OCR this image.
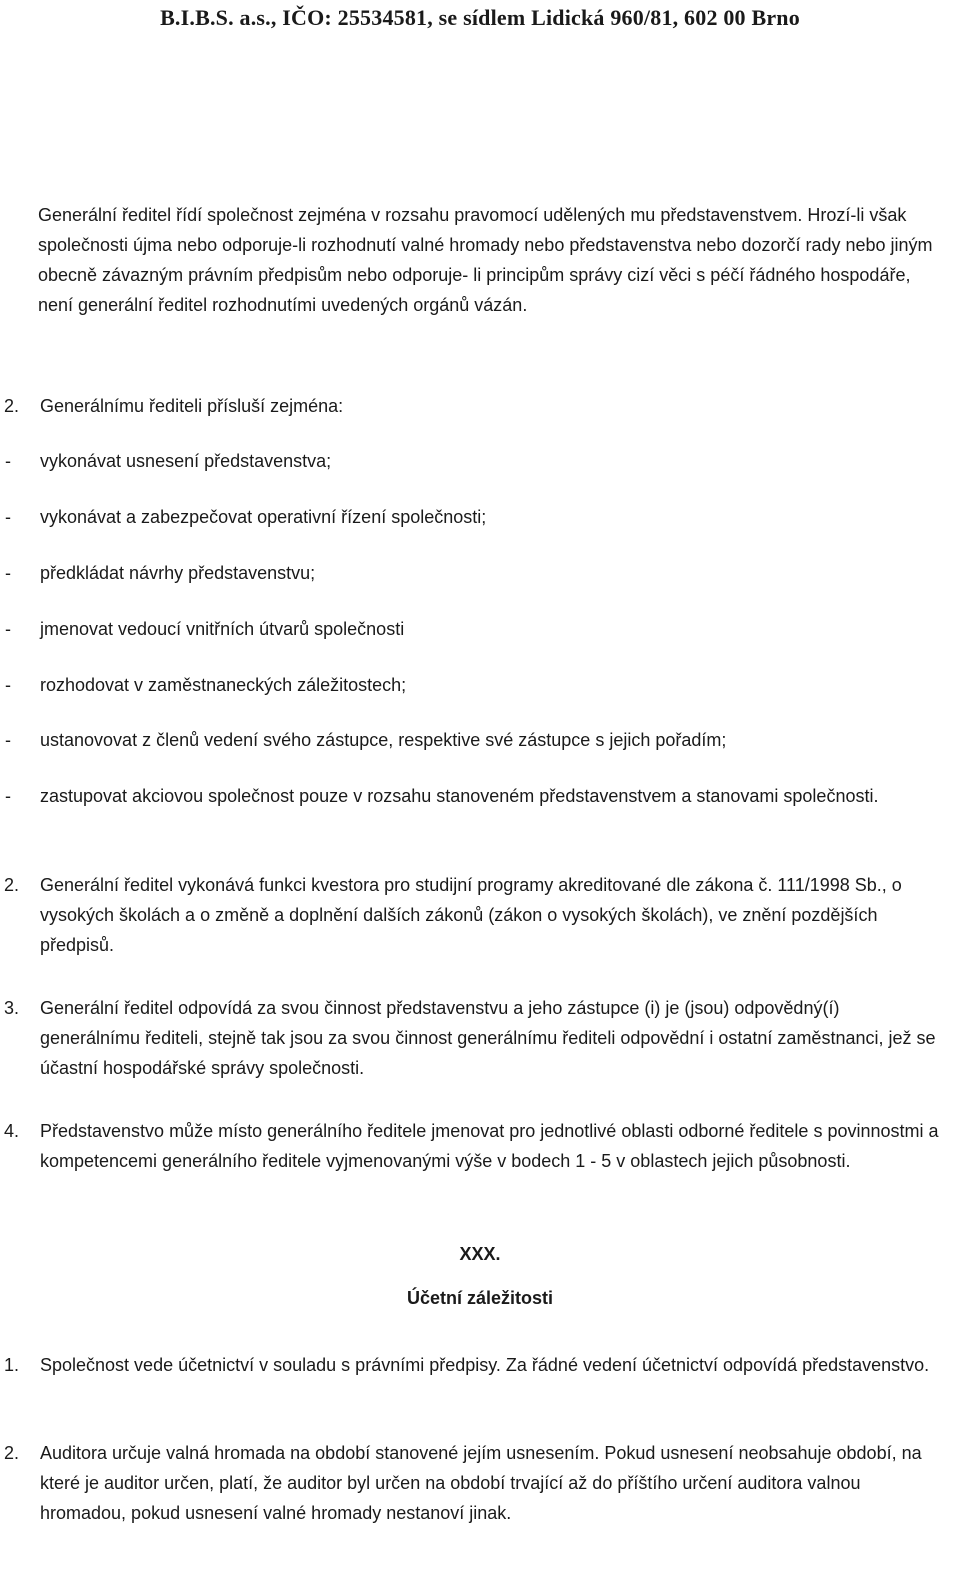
B.I.B.S. a.s., IČO: 25534581, se sídlem Lidická 960/81, 602 00 Brno

Generální ředitel řídí společnost zejména v rozsahu pravomocí udělených mu představenstvem. Hrozí-li však společnosti újma nebo odporuje-li rozhodnutí valné hromady nebo představenstva nebo dozorčí rady nebo jiným obecně závazným právním předpisům nebo odporuje- li principům správy cizí věci s péčí řádného hospodáře, není generální ředitel rozhodnutími uvedených orgánů vázán.

2. Generálnímu řediteli přísluší zejména:
- vykonávat usnesení představenstva;
- vykonávat a zabezpečovat operativní řízení společnosti;
- předkládat návrhy představenstvu;
- jmenovat vedoucí vnitřních útvarů společnosti
- rozhodovat v zaměstnaneckých záležitostech;
- ustanovovat z členů vedení svého zástupce, respektive své zástupce s jejich pořadím;
- zastupovat akciovou společnost pouze v rozsahu stanoveném představenstvem a stanovami společnosti.
2. Generální ředitel vykonává funkci kvestora pro studijní programy akreditované dle zákona č. 111/1998 Sb., o vysokých školách a o změně a doplnění dalších zákonů (zákon o vysokých školách), ve znění pozdějších předpisů.
3. Generální ředitel odpovídá za svou činnost představenstvu a jeho zástupce (i) je (jsou) odpovědný(í) generálnímu řediteli, stejně tak jsou za svou činnost generálnímu řediteli odpovědní i ostatní zaměstnanci, jež se účastní hospodářské správy společnosti.
4. Představenstvo může místo generálního ředitele jmenovat pro jednotlivé oblasti odborné ředitele s povinnostmi a kompetencemi generálního ředitele vyjmenovanými výše v bodech 1 - 5 v oblastech jejich působnosti.
XXX.
Účetní záležitosti
1. Společnost vede účetnictví v souladu s právními předpisy. Za řádné vedení účetnictví odpovídá představenstvo.
2. Auditora určuje valná hromada na období stanovené jejím usnesením. Pokud usnesení neobsahuje období, na které je auditor určen, platí, že auditor byl určen na období trvající až do příštího určení auditora valnou hromadou, pokud usnesení valné hromady nestanoví jinak.
